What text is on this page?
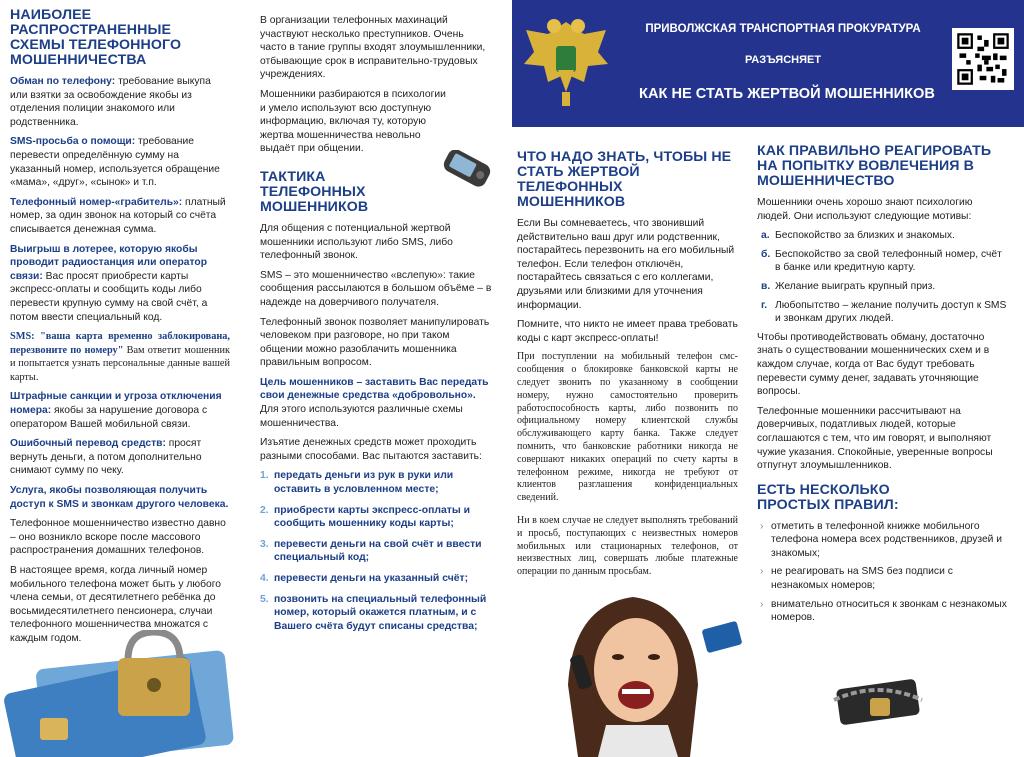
НАИБОЛЕЕ РАСПРОСТРАНЕННЫЕ СХЕМЫ ТЕЛЕФОННОГО МОШЕННИЧЕСТВА

Обман по телефону: требование выкупа или взятки за освобождение якобы из отделения полиции знакомого или родственника.

SMS-просьба о помощи: требование перевести определённую сумму на указанный номер, используется обращение «мама», «друг», «сынок» и т.п.

Телефонный номер-«грабитель»: платный номер, за один звонок на который со счёта списывается денежная сумма.

Выигрыш в лотерее, которую якобы проводит радиостанция или оператор связи: Вас просят приобрести карты экспресс-оплаты и сообщить коды либо перевести крупную сумму на свой счёт, а потом ввести специальный код.

SMS: "ваша карта временно заблокирована, перезвоните по номеру" Вам ответит мошенник и попытается узнать персональные данные вашей карты.

Штрафные санкции и угроза отключения номера: якобы за нарушение договора с оператором Вашей мобильной связи.

Ошибочный перевод средств: просят вернуть деньги, а потом дополнительно снимают сумму по чеку.

Услуга, якобы позволяющая получить доступ к SMS и звонкам другого человека.

Телефонное мошенничество известно давно – оно возникло вскоре после массового распространения домашних телефонов.

В настоящее время, когда личный номер мобильного телефона может быть у любого члена семьи, от десятилетнего ребёнка до восьмидесятилетнего пенсионера, случаи телефонного мошенничества множатся с каждым годом.

В организации телефонных махинаций участвуют несколько преступников. Очень часто в тание группы входят злоумышленники, отбывающие срок в исправительно-трудовых учреждениях.

Мошенники разбираются в психологии и умело используют всю доступную информацию, включая ту, которую жертва мошенничества невольно выдаёт при общении.

ТАКТИКА ТЕЛЕФОННЫХ МОШЕННИКОВ

Для общения с потенциальной жертвой мошенники используют либо SMS, либо телефонный звонок.

SMS – это мошенничество «вслепую»: такие сообщения рассылаются в большом объёме – в надежде на доверчивого получателя.

Телефонный звонок позволяет манипулировать человеком при разговоре, но при таком общении можно разоблачить мошенника правильным вопросом.

Цель мошенников – заставить Вас передать свои денежные средства «добровольно». Для этого используются различные схемы мошенничества.

Изъятие денежных средств может проходить разными способами. Вас пытаются заставить:

1. передать деньги из рук в руки или оставить в условленном месте;
2. приобрести карты экспресс-оплаты и сообщить мошеннику коды карты;
3. перевести деньги на свой счёт и ввести специальный код;
4. перевести деньги на указанный счёт;
5. позвонить на специальный телефонный номер, который окажется платным, и с Вашего счёта будут списаны средства;
ПРИВОЛЖСКАЯ ТРАНСПОРТНАЯ ПРОКУРАТУРА
РАЗЪЯСНЯЕТ
КАК НЕ СТАТЬ ЖЕРТВОЙ МОШЕННИКОВ
ЧТО НАДО ЗНАТЬ, ЧТОБЫ НЕ СТАТЬ ЖЕРТВОЙ ТЕЛЕФОННЫХ МОШЕННИКОВ

Если Вы сомневаетесь, что звонивший действительно ваш друг или родственник, постарайтесь перезвонить на его мобильный телефон. Если телефон отключён, постарайтесь связаться с его коллегами, друзьями или близкими для уточнения информации.

Помните, что никто не имеет права требовать коды с карт экспресс-оплаты!

При поступлении на мобильный телефон смс-сообщения о блокировке банковской карты не следует звонить по указанному в сообщении номеру, нужно самостоятельно проверить работоспособность карты, либо позвонить по официальному номеру клиентской службы обслуживающего карту банка. Также следует помнить, что банковские работники никогда не совершают никаких операций по счету карты в телефонном режиме, никогда не требуют от клиентов разглашения конфиденциальных сведений.

Ни в коем случае не следует выполнять требований и просьб, поступающих с неизвестных номеров мобильных или стационарных телефонов, от неизвестных лиц, совершать любые платежные операции по данным просьбам.

КАК ПРАВИЛЬНО РЕАГИРОВАТЬ НА ПОПЫТКУ ВОВЛЕЧЕНИЯ В МОШЕННИЧЕСТВО

Мошенники очень хорошо знают психологию людей. Они используют следующие мотивы:

а. Беспокойство за близких и знакомых.
б. Беспокойство за свой телефонный номер, счёт в банке или кредитную карту.
в. Желание выиграть крупный приз.
г. Любопытство – желание получить доступ к SMS и звонкам других людей.

Чтобы противодействовать обману, достаточно знать о существовании мошеннических схем и в каждом случае, когда от Вас будут требовать перевести сумму денег, задавать уточняющие вопросы.

Телефонные мошенники рассчитывают на доверчивых, податливых людей, которые соглашаются с тем, что им говорят, и выполняют чужие указания. Спокойные, уверенные вопросы отпугнут злоумышленников.

ЕСТЬ НЕСКОЛЬКО ПРОСТЫХ ПРАВИЛ:
› отметить в телефонной книжке мобильного телефона номера всех родственников, друзей и знакомых;
› не реагировать на SMS без подписи с незнакомых номеров;
› внимательно относиться к звонкам с незнакомых номеров.
